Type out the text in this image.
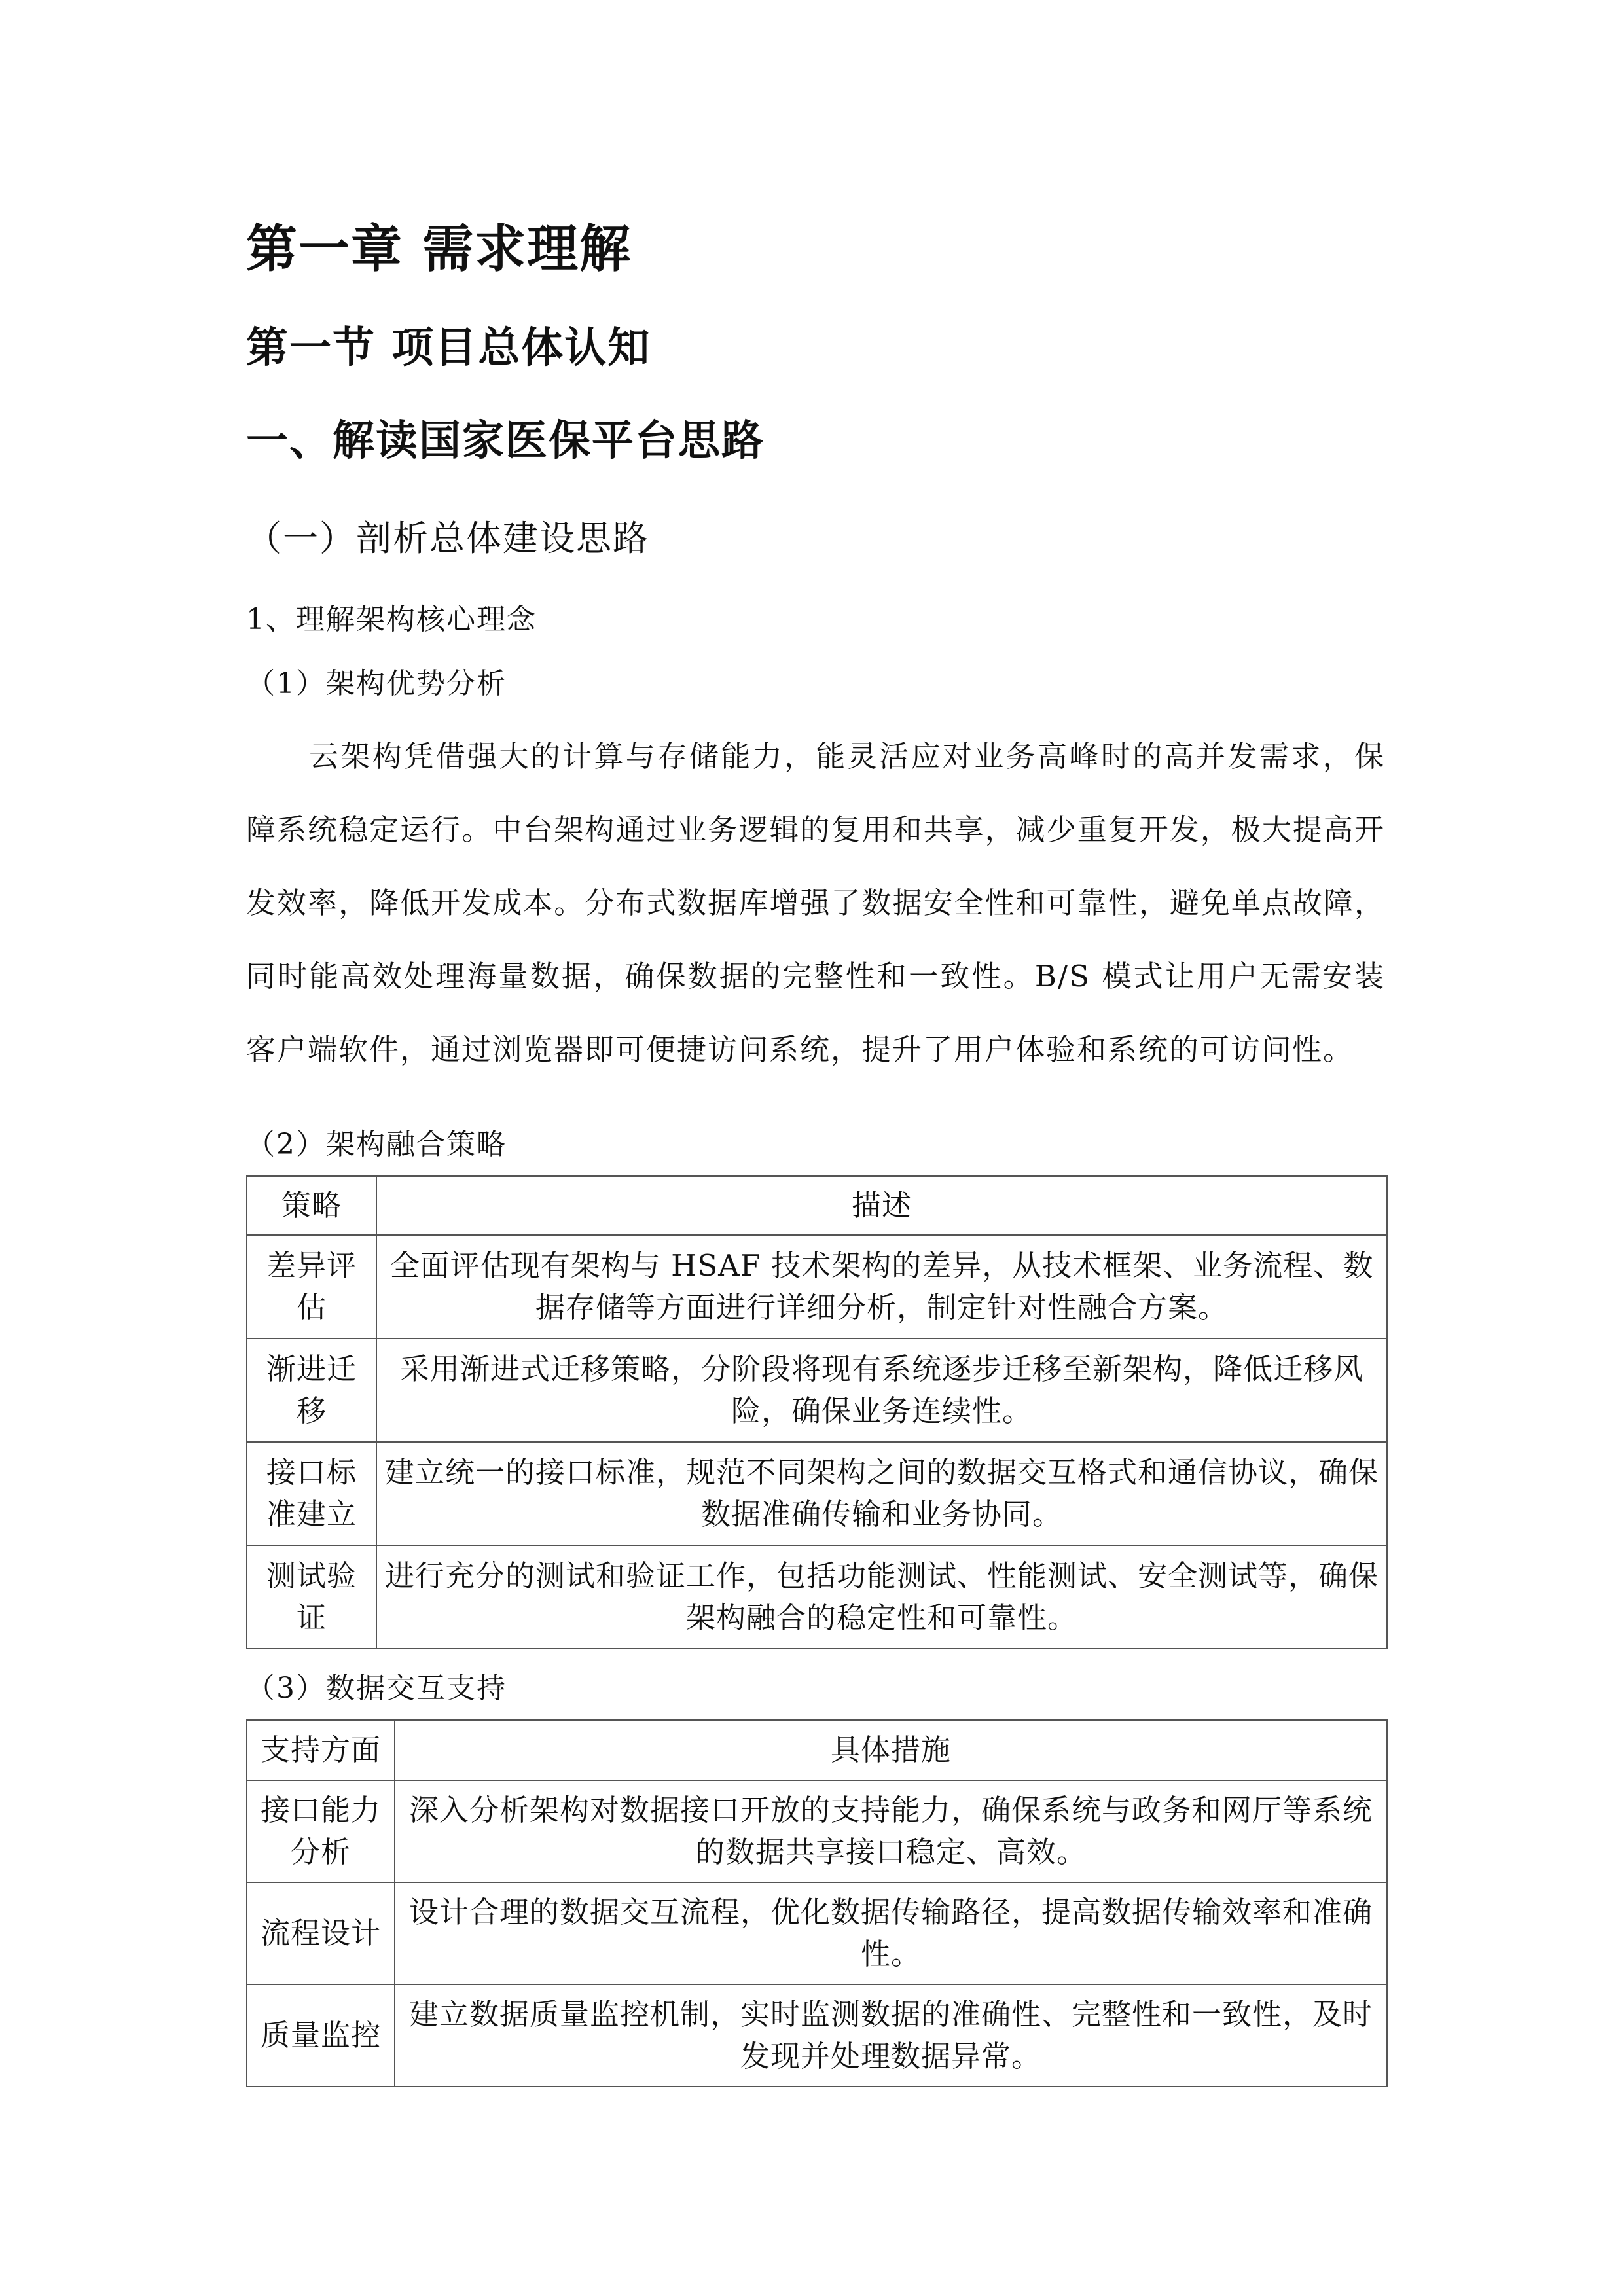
第一章 需求理解
第一节 项目总体认知
一、解读国家医保平台思路

（一）剖析总体建设思路

1、理解架构核心理念

（1）架构优势分析

云架构凭借强大的计算与存储能力，能灵活应对业务高峰时的高并发需求，保障系统稳定运行。中台架构通过业务逻辑的复用和共享，减少重复开发，极大提高开发效率，降低开发成本。分布式数据库增强了数据安全性和可靠性，避免单点故障，同时能高效处理海量数据，确保数据的完整性和一致性。B/S 模式让用户无需安装客户端软件，通过浏览器即可便捷访问系统，提升了用户体验和系统的可访问性。

（2）架构融合策略

策略	描述
差异评估	全面评估现有架构与 HSAF 技术架构的差异，从技术框架、业务流程、数据存储等方面进行详细分析，制定针对性融合方案。
渐进迁移	采用渐进式迁移策略，分阶段将现有系统逐步迁移至新架构，降低迁移风险，确保业务连续性。
接口标准建立	建立统一的接口标准，规范不同架构之间的数据交互格式和通信协议，确保数据准确传输和业务协同。
测试验证	进行充分的测试和验证工作，包括功能测试、性能测试、安全测试等，确保架构融合的稳定性和可靠性。

（3）数据交互支持

支持方面	具体措施
接口能力分析	深入分析架构对数据接口开放的支持能力，确保系统与政务和网厅等系统的数据共享接口稳定、高效。
流程设计	设计合理的数据交互流程，优化数据传输路径，提高数据传输效率和准确性。
质量监控	建立数据质量监控机制，实时监测数据的准确性、完整性和一致性，及时发现并处理数据异常。
